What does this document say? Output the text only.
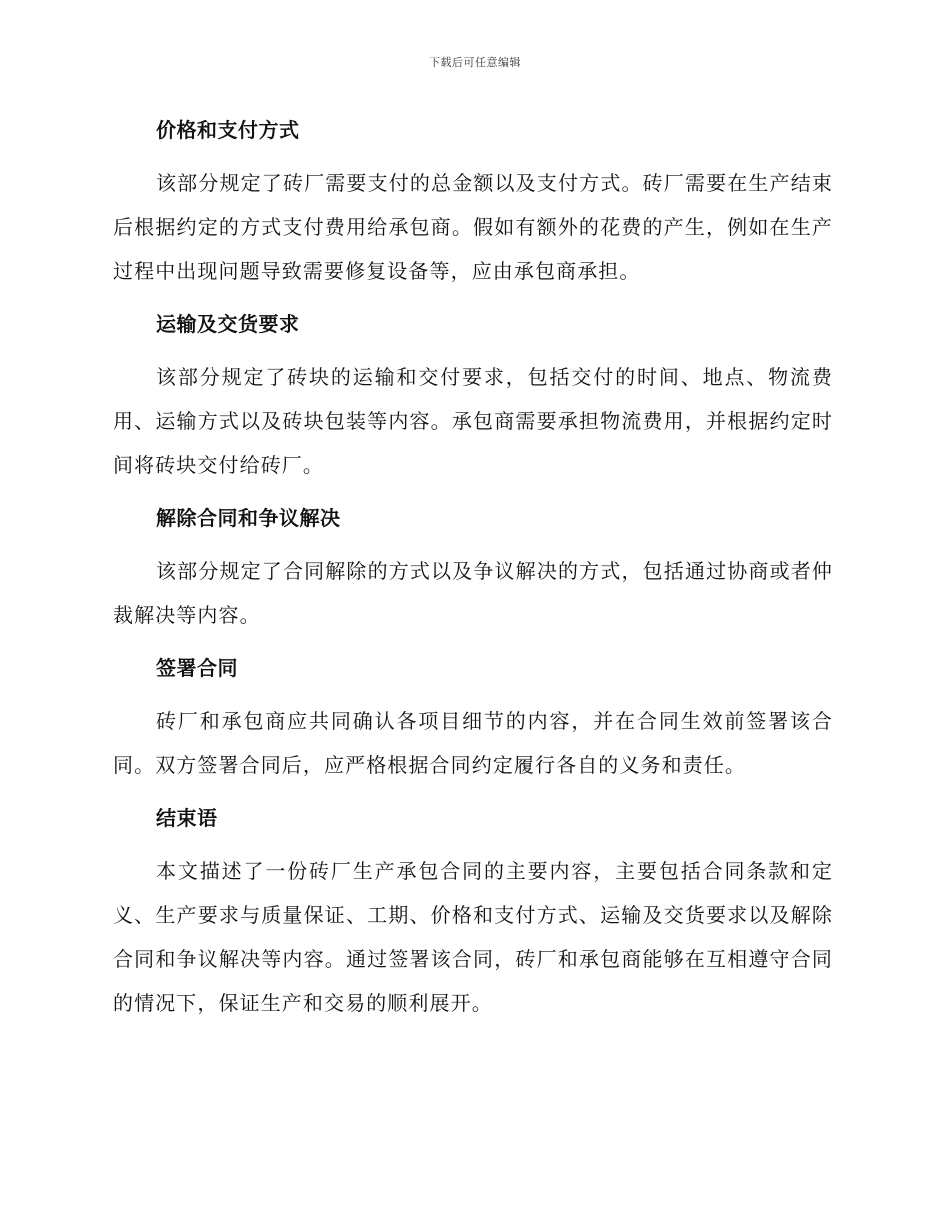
下载后可任意编辑
价格和支付方式

该部分规定了砖厂需要支付的总金额以及支付方式。砖厂需要在生产结束后根据约定的方式支付费用给承包商。假如有额外的花费的产生，例如在生产过程中出现问题导致需要修复设备等，应由承包商承担。

运输及交货要求

该部分规定了砖块的运输和交付要求，包括交付的时间、地点、物流费用、运输方式以及砖块包装等内容。承包商需要承担物流费用，并根据约定时间将砖块交付给砖厂。

解除合同和争议解决

该部分规定了合同解除的方式以及争议解决的方式，包括通过协商或者仲裁解决等内容。

签署合同

砖厂和承包商应共同确认各项目细节的内容，并在合同生效前签署该合同。双方签署合同后，应严格根据合同约定履行各自的义务和责任。

结束语

本文描述了一份砖厂生产承包合同的主要内容，主要包括合同条款和定义、生产要求与质量保证、工期、价格和支付方式、运输及交货要求以及解除合同和争议解决等内容。通过签署该合同，砖厂和承包商能够在互相遵守合同的情况下，保证生产和交易的顺利展开。
